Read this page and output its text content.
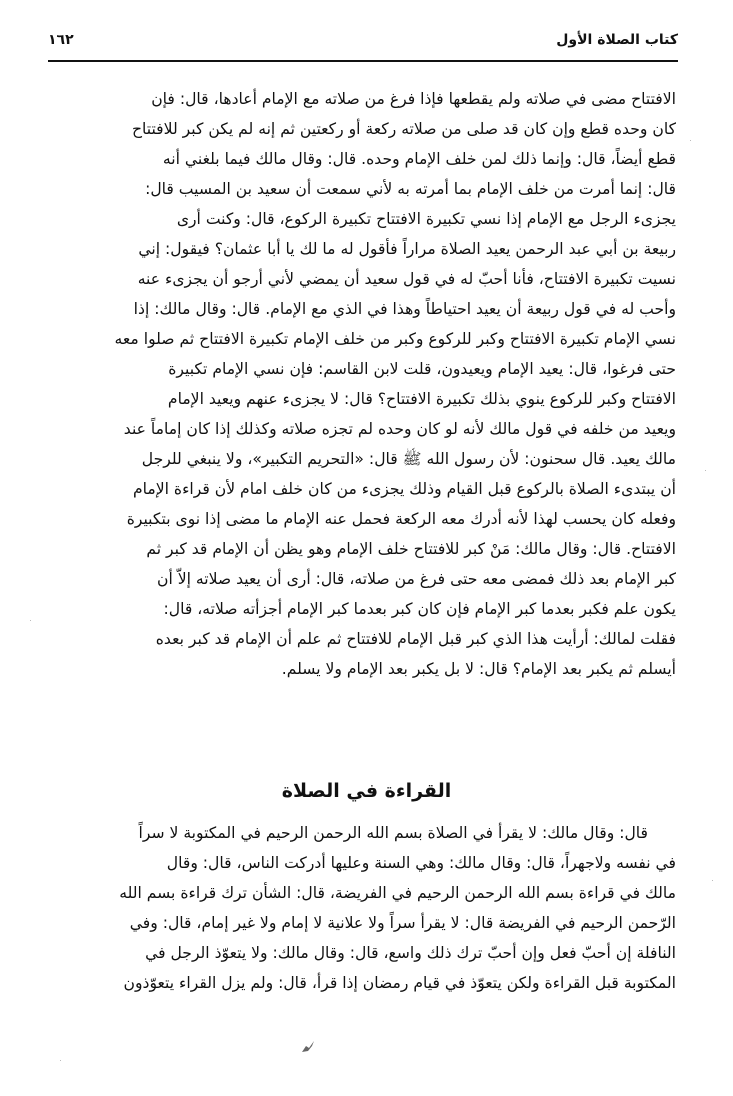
كتاب الصلاة الأول
١٦٢
الافتتاح مضى في صلاته ولم يقطعها فإذا فرغ من صلاته مع الإمام أعادها، قال: فإن
كان وحده قطع وإن كان قد صلى من صلاته ركعة أو ركعتين ثم إنه لم يكن كبر للافتتاح
قطع أيضاً، قال: وإنما ذلك لمن خلف الإمام وحده. قال: وقال مالك فيما بلغني أنه
قال: إنما أمرت من خلف الإمام بما أمرته به لأني سمعت أن سعيد بن المسيب قال:
يجزىء الرجل مع الإمام إذا نسي تكبيرة الافتتاح تكبيرة الركوع، قال: وكنت أرى
ربيعة بن أبي عبد الرحمن يعيد الصلاة مراراً فأقول له ما لك يا أبا عثمان؟ فيقول: إني
نسيت تكبيرة الافتتاح، فأنا أحبّ له في قول سعيد أن يمضي لأني أرجو أن يجزىء عنه
وأحب له في قول ربيعة أن يعيد احتياطاً وهذا في الذي مع الإمام. قال: وقال مالك: إذا
نسي الإمام تكبيرة الافتتاح وكبر للركوع وكبر من خلف الإمام تكبيرة الافتتاح ثم صلوا معه
حتى فرغوا، قال: يعيد الإمام ويعيدون، قلت لابن القاسم: فإن نسي الإمام تكبيرة
الافتتاح وكبر للركوع ينوي بذلك تكبيرة الافتتاح؟ قال: لا يجزىء عنهم ويعيد الإمام
ويعيد من خلفه في قول مالك لأنه لو كان وحده لم تجزه صلاته وكذلك إذا كان إماماً عند
مالك يعيد. قال سحنون: لأن رسول الله ﷺ قال: «التحريم التكبير»، ولا ينبغي للرجل
أن يبتدىء الصلاة بالركوع قبل القيام وذلك يجزىء من كان خلف امام لأن قراءة الإمام
وفعله كان يحسب لهذا لأنه أدرك معه الركعة فحمل عنه الإمام ما مضى إذا نوى بتكبيرة
الافتتاح. قال: وقال مالك: مَنْ كبر للافتتاح خلف الإمام وهو يظن أن الإمام قد كبر ثم
كبر الإمام بعد ذلك فمضى معه حتى فرغ من صلاته، قال: أرى أن يعيد صلاته إلاّ أن
يكون علم فكبر بعدما كبر الإمام فإن كان كبر بعدما كبر الإمام أجزأته صلاته، قال:
فقلت لمالك: أرأيت هذا الذي كبر قبل الإمام للافتتاح ثم علم أن الإمام قد كبر بعده
أيسلم ثم يكبر بعد الإمام؟ قال: لا بل يكبر بعد الإمام ولا يسلم.
القراءة في الصلاة
قال: وقال مالك: لا يقرأ في الصلاة بسم الله الرحمن الرحيم في المكتوبة لا سراً
في نفسه ولاجهراً، قال: وقال مالك: وهي السنة وعليها أدركت الناس، قال: وقال
مالك في قراءة بسم الله الرحمن الرحيم في الفريضة، قال: الشأن ترك قراءة بسم الله
الرّحمن الرحيم في الفريضة قال: لا يقرأ سراً ولا علانية لا إمام ولا غير إمام، قال: وفي
النافلة إن أحبّ فعل وإن أحبّ ترك ذلك واسع، قال: وقال مالك: ولا يتعوّذ الرجل في
المكتوبة قبل القراءة ولكن يتعوّذ في قيام رمضان إذا قرأ، قال: ولم يزل القراء يتعوّذون
